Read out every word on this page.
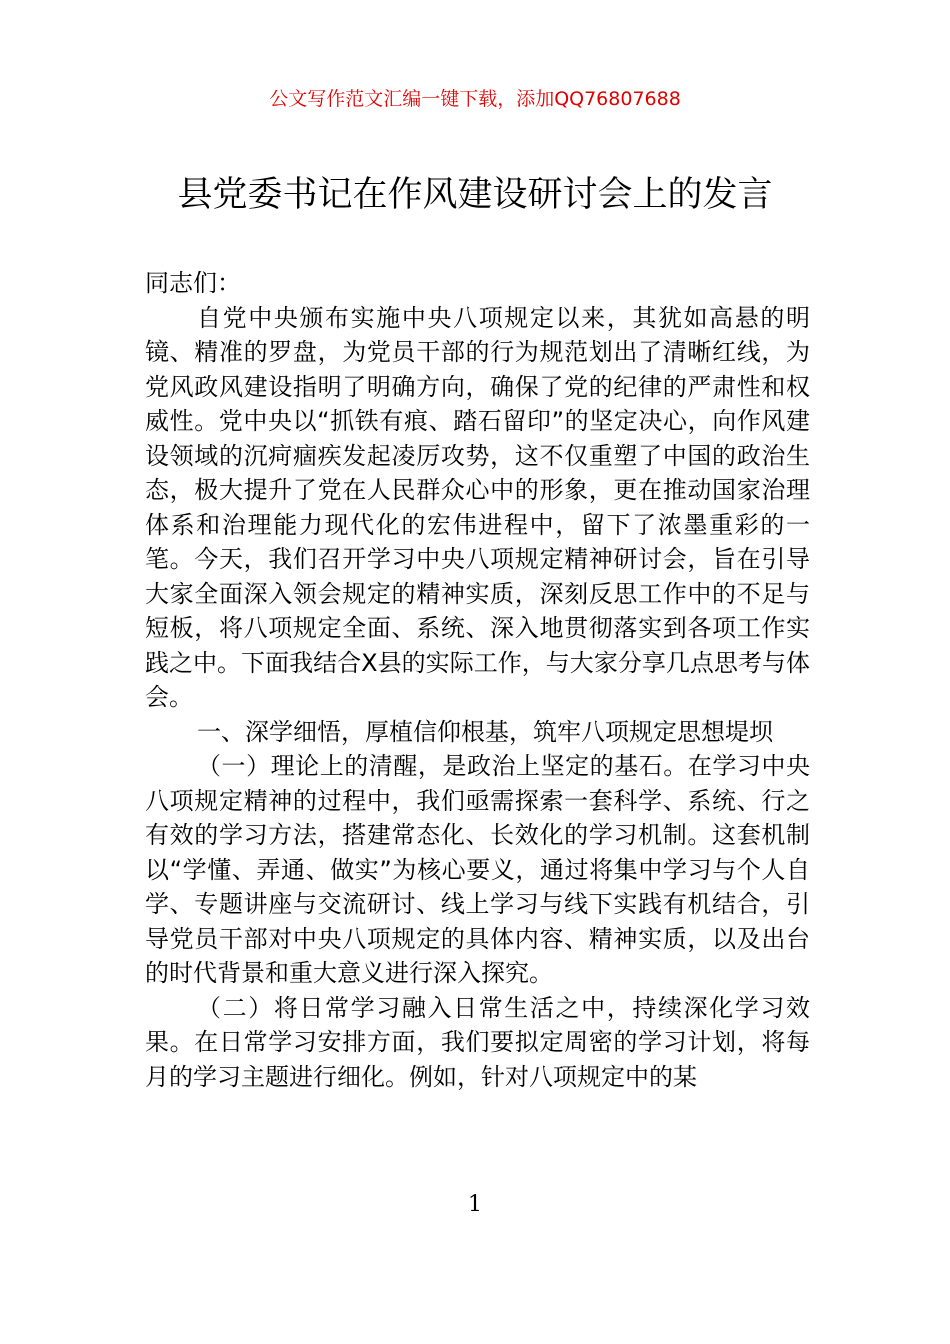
公文写作范文汇编一键下载，添加QQ76807688
县党委书记在作风建设研讨会上的发言

同志们：

自党中央颁布实施中央八项规定以来，其犹如高悬的明镜、精准的罗盘，为党员干部的行为规范划出了清晰红线，为党风政风建设指明了明确方向，确保了党的纪律的严肃性和权威性。党中央以“抓铁有痕、踏石留印”的坚定决心，向作风建设领域的沉疴痼疾发起凌厉攻势，这不仅重塑了中国的政治生态，极大提升了党在人民群众心中的形象，更在推动国家治理体系和治理能力现代化的宏伟进程中，留下了浓墨重彩的一笔。今天，我们召开学习中央八项规定精神研讨会，旨在引导大家全面深入领会规定的精神实质，深刻反思工作中的不足与短板，将八项规定全面、系统、深入地贯彻落实到各项工作实践之中。下面我结合X县的实际工作，与大家分享几点思考与体会。

一、深学细悟，厚植信仰根基，筑牢八项规定思想堤坝

（一）理论上的清醒，是政治上坚定的基石。在学习中央八项规定精神的过程中，我们亟需探索一套科学、系统、行之有效的学习方法，搭建常态化、长效化的学习机制。这套机制以“学懂、弄通、做实”为核心要义，通过将集中学习与个人自学、专题讲座与交流研讨、线上学习与线下实践有机结合，引导党员干部对中央八项规定的具体内容、精神实质，以及出台的时代背景和重大意义进行深入探究。

（二）将日常学习融入日常生活之中，持续深化学习效果。在日常学习安排方面，我们要拟定周密的学习计划，将每月的学习主题进行细化。例如，针对八项规定中的某

1
